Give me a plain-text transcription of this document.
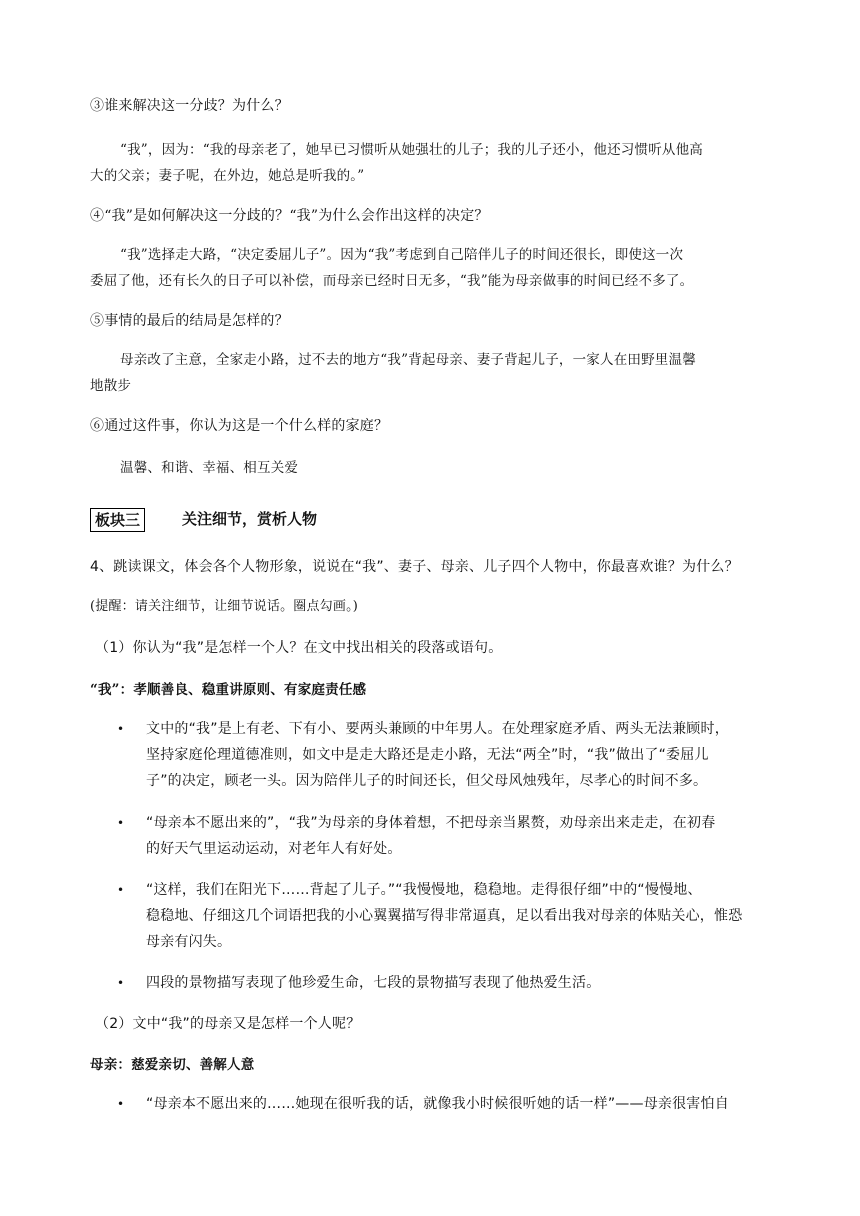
③谁来解决这一分歧？为什么？
“我”，因为：“我的母亲老了，她早已习惯听从她强壮的儿子；我的儿子还小，他还习惯听从他高
大的父亲；妻子呢，在外边，她总是听我的。”
④“我”是如何解决这一分歧的？“我”为什么会作出这样的决定？
“我”选择走大路，“决定委屈儿子”。因为“我”考虑到自己陪伴儿子的时间还很长，即使这一次
委屈了他，还有长久的日子可以补偿，而母亲已经时日无多，“我”能为母亲做事的时间已经不多了。
⑤事情的最后的结局是怎样的？
母亲改了主意，全家走小路，过不去的地方“我”背起母亲、妻子背起儿子，一家人在田野里温馨
地散步
⑥通过这件事，你认为这是一个什么样的家庭？
温馨、和谐、幸福、相互关爱
板块三	关注细节，赏析人物
4、跳读课文，体会各个人物形象，说说在“我”、妻子、母亲、儿子四个人物中，你最喜欢谁？为什么？
(提醒：请关注细节，让细节说话。圈点勾画。)
（1）你认为“我”是怎样一个人？在文中找出相关的段落或语句。
“我”：孝顺善良、稳重讲原则、有家庭责任感
• 文中的“我”是上有老、下有小、要两头兼顾的中年男人。在处理家庭矛盾、两头无法兼顾时，
坚持家庭伦理道德准则，如文中是走大路还是走小路，无法“两全”时，“我”做出了“委屈儿
子”的决定，顾老一头。因为陪伴儿子的时间还长，但父母风烛残年，尽孝心的时间不多。
• “母亲本不愿出来的”，“我”为母亲的身体着想，不把母亲当累赘，劝母亲出来走走，在初春
的好天气里运动运动，对老年人有好处。
• “这样，我们在阳光下……背起了儿子。”“我慢慢地，稳稳地。走得很仔细”中的“慢慢地、
稳稳地、仔细这几个词语把我的小心翼翼描写得非常逼真，足以看出我对母亲的体贴关心，惟恐
母亲有闪失。
• 四段的景物描写表现了他珍爱生命，七段的景物描写表现了他热爱生活。
（2）文中“我”的母亲又是怎样一个人呢？
母亲：慈爱亲切、善解人意
• “母亲本不愿出来的……她现在很听我的话，就像我小时候很听她的话一样”——母亲很害怕自
